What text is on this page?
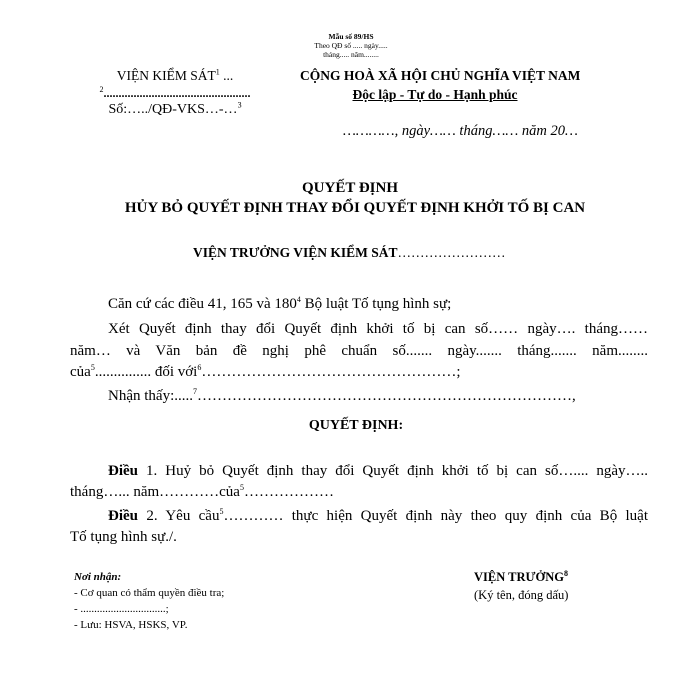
Mẫu số 89/HS
Theo QĐ số ..... ngày.....
tháng..... năm........
VIỆN KIỂM SÁT$^1$ ...
$^2$.................................................
Số:…../QĐ-VKS…-…$^3$
CỘNG HOÀ XÃ HỘI CHỦ NGHĨA VIỆT NAM
Độc lập - Tự do - Hạnh phúc
…………, ngày…… tháng…… năm 20…
QUYẾT ĐỊNH
HỦY BỎ QUYẾT ĐỊNH THAY ĐỔI QUYẾT ĐỊNH KHỞI TỐ BỊ CAN
VIỆN TRƯỞNG VIỆN KIỂM SÁT……………………
Căn cứ các điều 41, 165 và $180^4$ Bộ luật Tố tụng hình sự;
Xét Quyết định thay đổi Quyết định khởi tố bị can số…… ngày…. tháng……
năm… và Văn bản đề nghị phê chuẩn số....... ngày....... tháng....... năm........
của$^5$............... đối với$^6$……………………………………………;
Nhận thấy:.....$^7$…………………………………………………………………,
QUYẾT ĐỊNH:
Điều 1. Huỷ bỏ Quyết định thay đổi Quyết định khởi tố bị can số….... ngày…..
tháng…... năm…………của$^5$………………
Điều 2. Yêu cầu$^5$………… thực hiện Quyết định này theo quy định của Bộ luật
Tố tụng hình sự./.
Nơi nhận:
- Cơ quan có thẩm quyền điều tra;
- ...............................;
- Lưu: HSVA, HSKS, VP.
VIỆN TRƯỞNG$^8$
(Ký tên, đóng dấu)
